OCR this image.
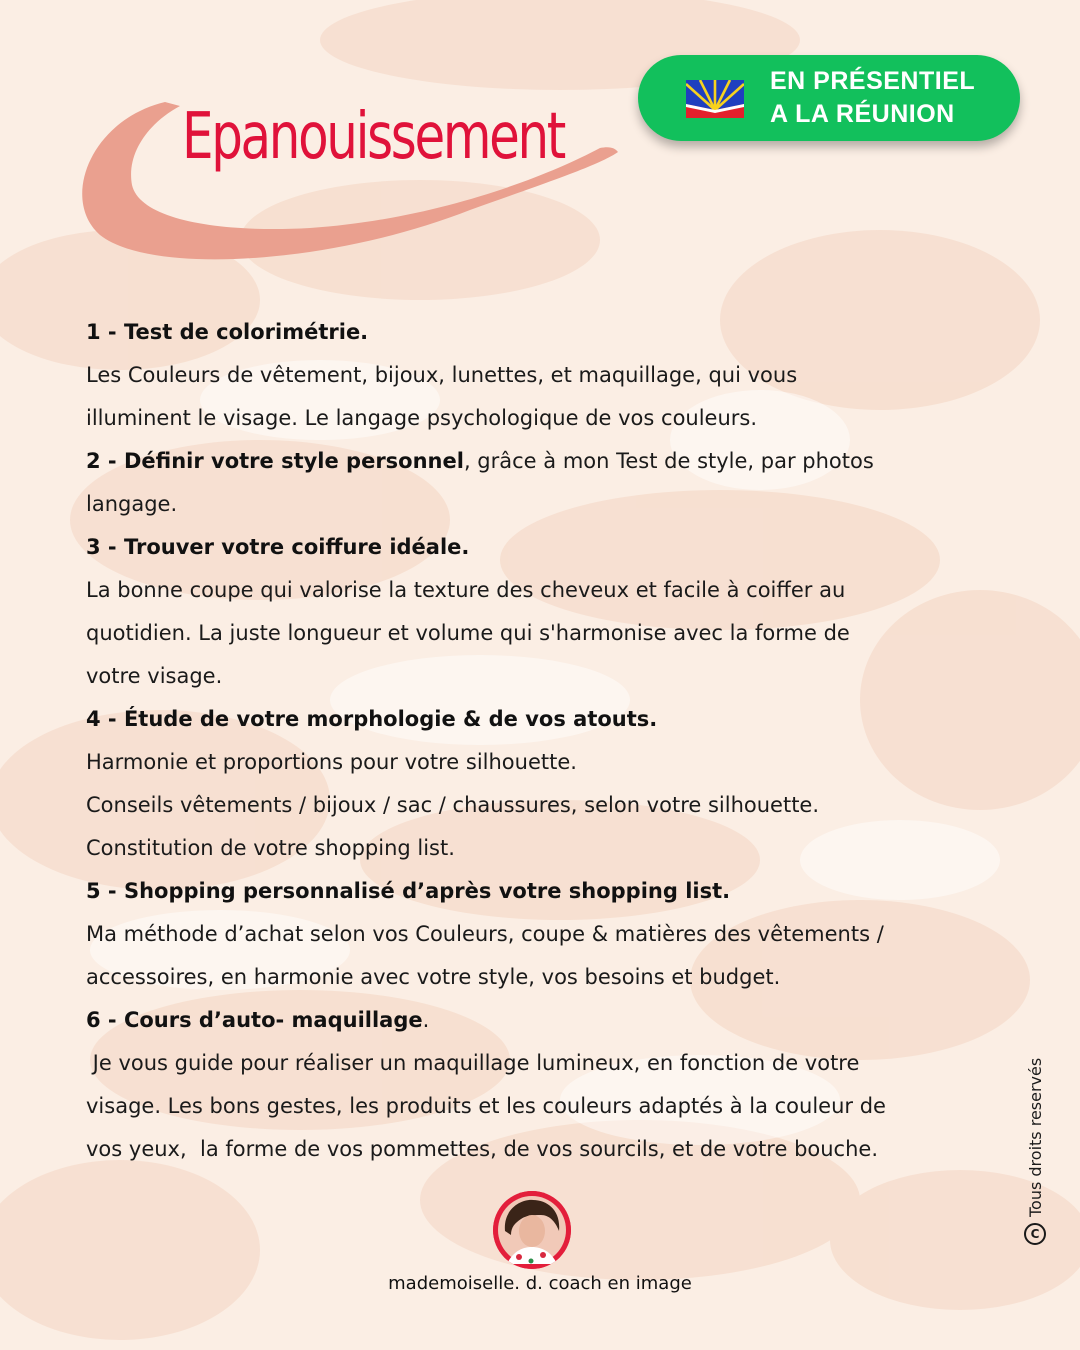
Epanouissement
EN PRÉSENTIEL
A LA RÉUNION

1 - Test de colorimétrie.

Les Couleurs de vêtement, bijoux, lunettes, et maquillage, qui vous

illuminent le visage. Le langage psychologique de vos couleurs.

2 - Définir votre style personnel, grâce à mon Test de style, par photos

langage.

3 - Trouver votre coiffure idéale.

La bonne coupe qui valorise la texture des cheveux et facile à coiffer au

quotidien. La juste longueur et volume qui s'harmonise avec la forme de

votre visage.

4 - Étude de votre morphologie & de vos atouts.

Harmonie et proportions pour votre silhouette.

Conseils vêtements / bijoux / sac / chaussures, selon votre silhouette.

Constitution de votre shopping list.

5 - Shopping personnalisé d’après votre shopping list.

Ma méthode d’achat selon vos Couleurs, coupe & matières des vêtements /

accessoires, en harmonie avec votre style, vos besoins et budget.

6 - Cours d’auto- maquillage.

Je vous guide pour réaliser un maquillage lumineux, en fonction de votre

visage. Les bons gestes, les produits et les couleurs adaptés à la couleur de

vos yeux,  la forme de vos pommettes, de vos sourcils, et de votre bouche.

C
Tous droits reservés
mademoiselle. d. coach en image
